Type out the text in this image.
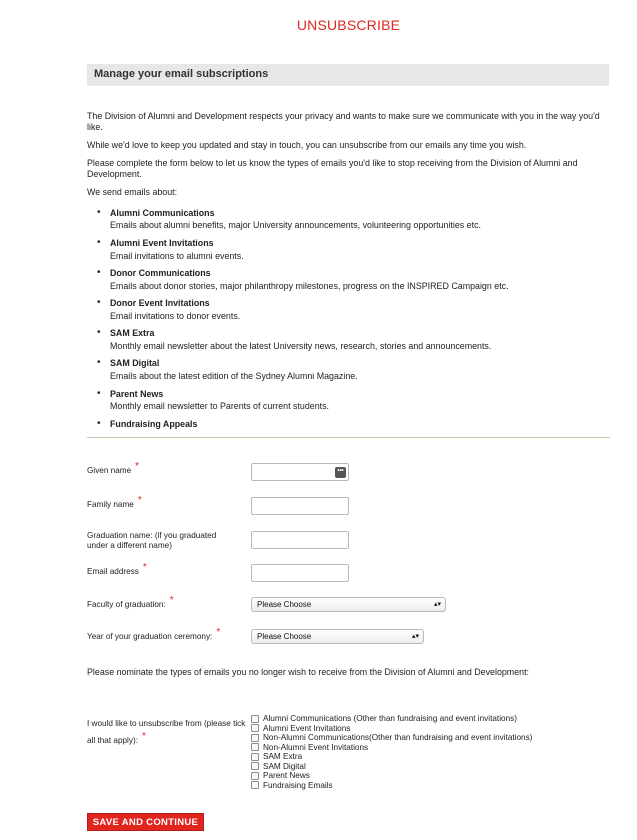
UNSUBSCRIBE
Manage your email subscriptions

The Division of Alumni and Development respects your privacy and wants to make sure we communicate with you in the way you'd like.

While we'd love to keep you updated and stay in touch, you can unsubscribe from our emails any time you wish.

Please complete the form below to let us know the types of emails you'd like to stop receiving from the Division of Alumni and Development.

We send emails about:

• Alumni Communications
Emails about alumni benefits, major University announcements, volunteering opportunities etc.
• Alumni Event Invitations
Email invitations to alumni events.
• Donor Communications
Emails about donor stories, major philanthropy milestones, progress on the INSPIRED Campaign etc.
• Donor Event Invitations
Email invitations to donor events.
• SAM Extra
Monthly email newsletter about the latest University news, research, stories and announcements.
• SAM Digital
Emails about the latest edition of the Sydney Alumni Magazine.
• Parent News
Monthly email newsletter to Parents of current students.
• Fundraising Appeals
Given name *	•••
Family name *
Graduation name: (if you graduated under a different name)
Email address *
Faculty of graduation: *	Please Choose	▴▾
Year of your graduation ceremony: *	Please Choose	▴▾
Please nominate the types of emails you no longer wish to receive from the Division of Alumni and Development:
I would like to unsubscribe from (please tick all that apply): *
Alumni Communications (Other than fundraising and event invitations)
Alumni Event Invitations
Non-Alumni Communications(Other than fundraising and event invitations)
Non-Alumni Event Invitations
SAM Extra
SAM Digital
Parent News
Fundraising Emails
SAVE AND CONTINUE
